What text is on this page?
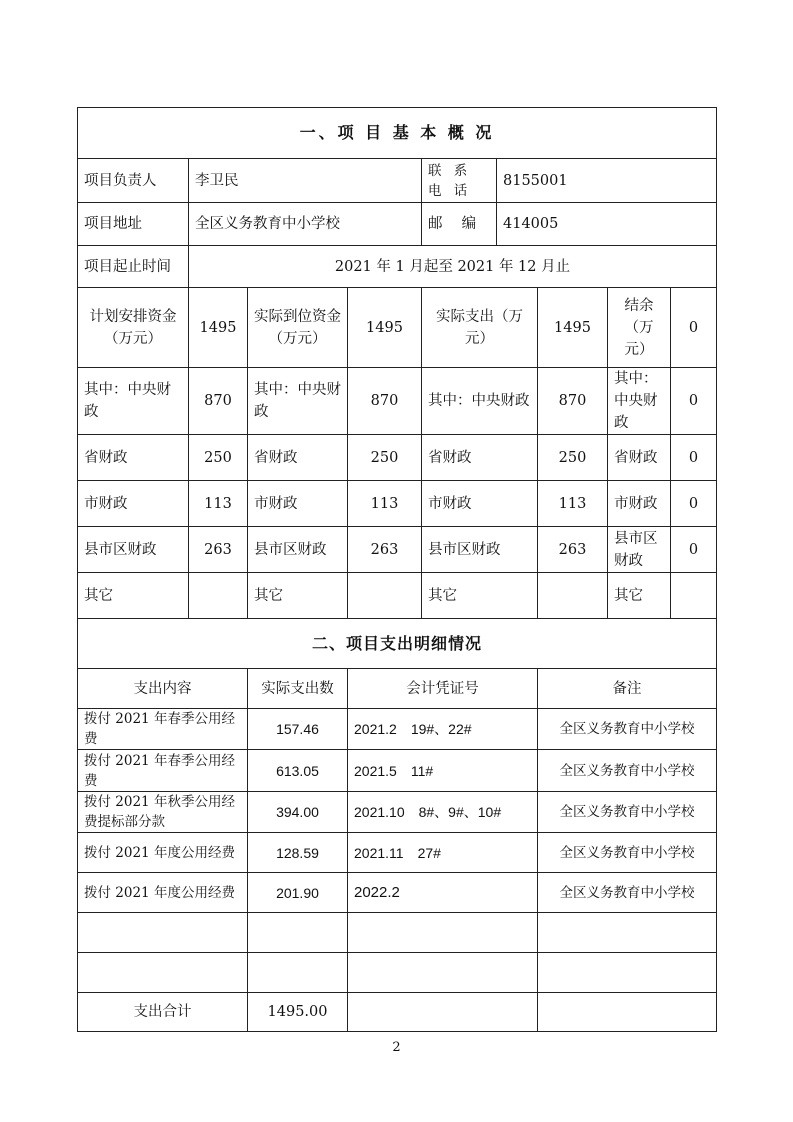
一、项 目 基 本 概 况								
项目负责人	李卫民			联 系 电 话	8155001			
项目地址	全区义务教育中小学校			邮　 编	414005			
项目起止时间	2021 年 1 月起至 2021 年 12 月止							
计划安排资金（万元）	1495	实际到位资金（万元）	1495	实际支出（万元）		1495	结余（万元）	0
其中：中央财政	870	其中：中央财政	870	其中：中央财政		870	其中：中央财政	0
省财政	250	省财政	250	省财政		250	省财政	0
市财政	113	市财政	113	市财政		113	市财政	0
县市区财政	263	县市区财政	263	县市区财政		263	县市区财政	0
其它		其它		其它			其它	
二、项目支出明细情况								
支出内容		实际支出数	会计凭证号			备注		
拨付 2021 年春季公用经费		157.46	2021.2　19#、22#			全区义务教育中小学校		
拨付 2021 年春季公用经费		613.05	2021.5　11#			全区义务教育中小学校		
拨付 2021 年秋季公用经费提标部分款		394.00	2021.10　8#、9#、10#			全区义务教育中小学校		
拨付 2021 年度公用经费		128.59	2021.11　27#			全区义务教育中小学校		
拨付 2021 年度公用经费		201.90	2022.2			全区义务教育中小学校		

支出合计		1495.00						
2
